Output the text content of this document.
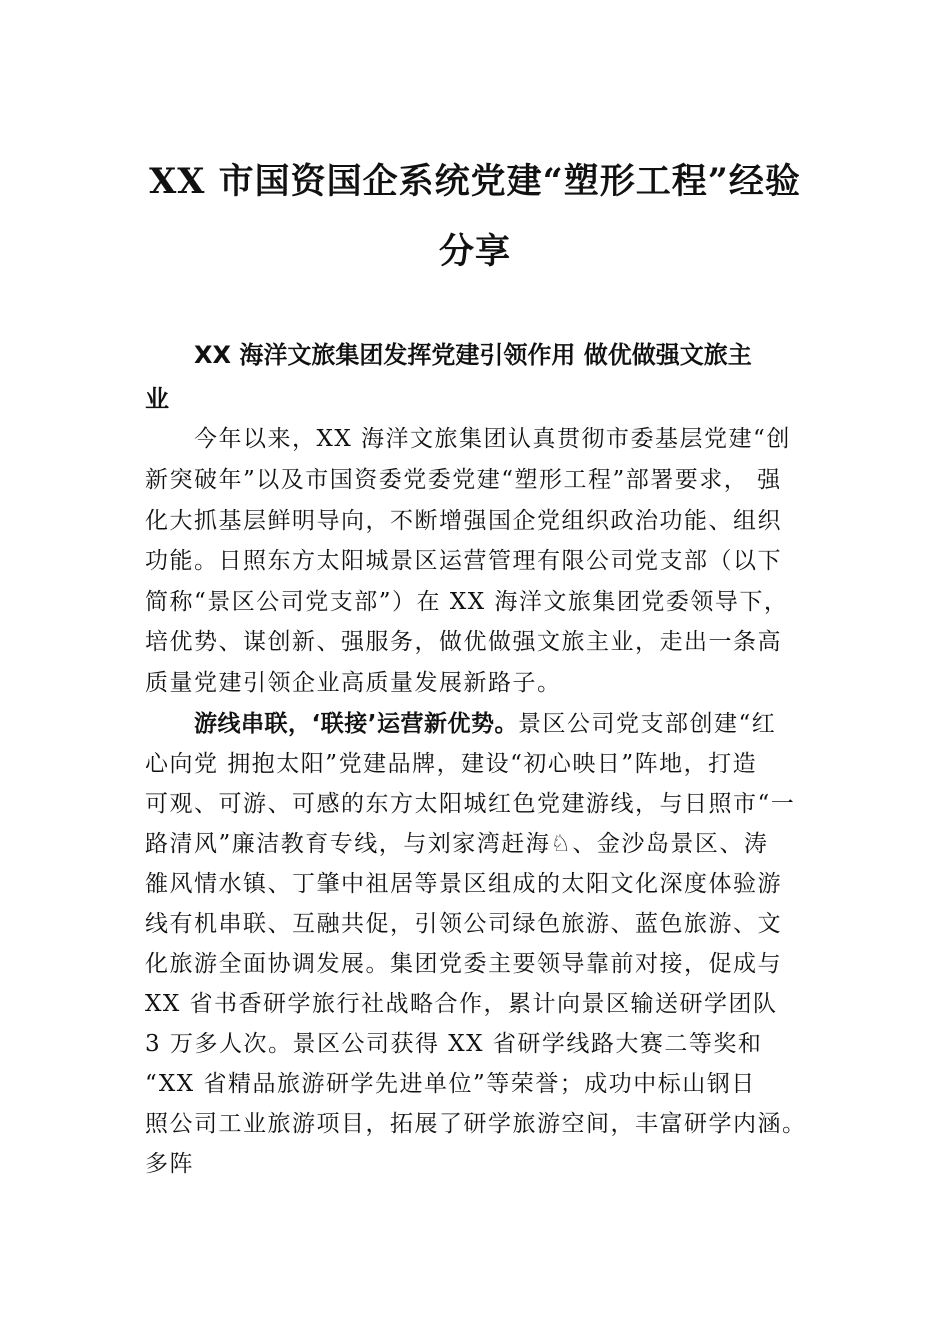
XX 市国资国企系统党建“塑形工程”经验
分享
XX 海洋文旅集团发挥党建引领作用 做优做强文旅主
业

今年以来，XX 海洋文旅集团认真贯彻市委基层党建“创

新突破年”以及市国资委党委党建“塑形工程”部署要求， 强

化大抓基层鲜明导向，不断增强国企党组织政治功能、组织

功能。日照东方太阳城景区运营管理有限公司党支部（以下

简称“景区公司党支部”）在 XX 海洋文旅集团党委领导下，

培优势、谋创新、强服务，做优做强文旅主业，走出一条高

质量党建引领企业高质量发展新路子。

游线串联，‘联接’运营新优势。景区公司党支部创建“红

心向党 拥抱太阳”党建品牌，建设“初心映日”阵地，打造

可观、可游、可感的东方太阳城红色党建游线，与日照市“一

路清风”廉洁教育专线，与刘家湾赶海♘、金沙岛景区、涛

雒风情水镇、丁肇中祖居等景区组成的太阳文化深度体验游

线有机串联、互融共促，引领公司绿色旅游、蓝色旅游、文

化旅游全面协调发展。集团党委主要领导靠前对接，促成与

XX 省书香研学旅行社战略合作，累计向景区输送研学团队

3 万多人次。景区公司获得 XX 省研学线路大赛二等奖和

“XX 省精品旅游研学先进单位”等荣誉；成功中标山钢日

照公司工业旅游项目，拓展了研学旅游空间，丰富研学内涵。

多阵
